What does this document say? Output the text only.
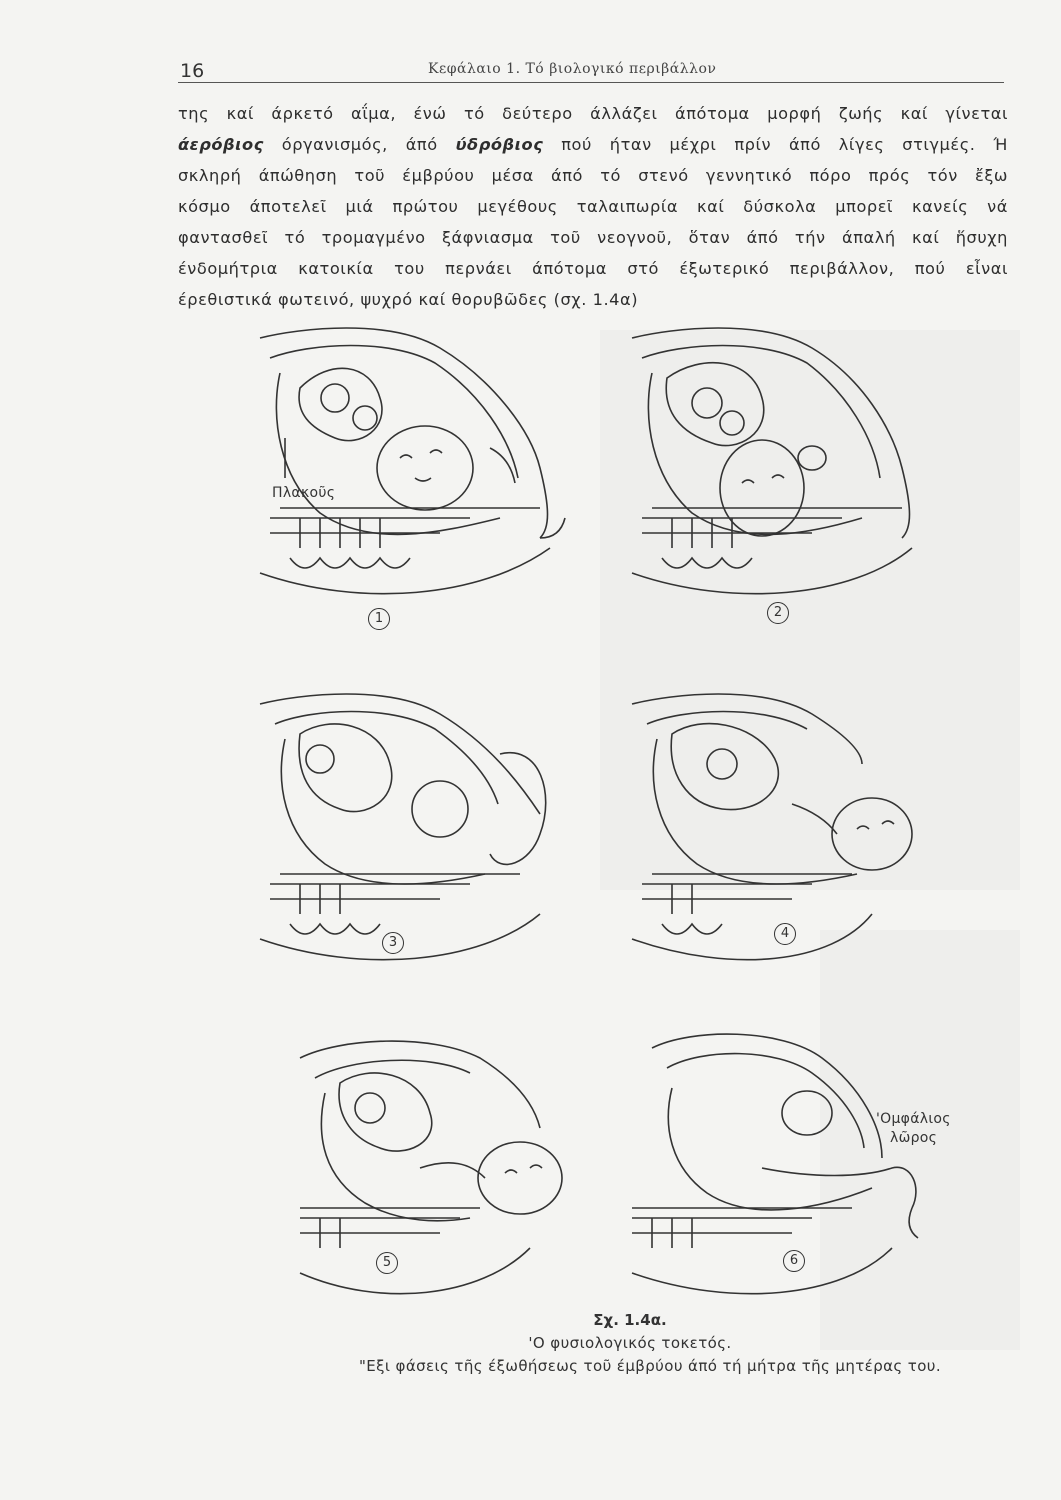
16	Κεφάλαιο 1. Τό βιολογικό περιβάλλον
της καί άρκετό αΐμα, ένώ τό δεύτερο άλλάζει άπότομα μορφή ζωής καί γίνεται
άερόβιος όργανισμός, άπό ύδρόβιος πού ήταν μέχρι πρίν άπό λίγες στιγμές. Ή
σκληρή άπώθηση τοῦ έμβρύου μέσα άπό τό στενό γεννητικό πόρο πρός τόν ἔξω
κόσμο άποτελεῖ μιά πρώτου μεγέθους ταλαιπωρία καί δύσκολα μπορεῖ κανείς νά
φαντασθεῖ τό τρομαγμένο ξάφνιασμα τοῦ νεογνοῦ, ὅταν άπό τήν άπαλή καί ἥσυχη
ένδομήτρια κατοικία του περνάει άπότομα στό έξωτερικό περιβάλλον, πού εἶναι
έρεθιστικά φωτεινό, ψυχρό καί θορυβῶδες (σχ. 1.4α)
Πλακοῦς
1	2
3
4
5
'Ομφάλιος
λῶρος
6
Σχ. 1.4α.
'Ο φυσιολογικός τοκετός.
"Εξι φάσεις τῆς έξωθήσεως τοῦ έμβρύου άπό τή μήτρα τῆς μητέρας του.
